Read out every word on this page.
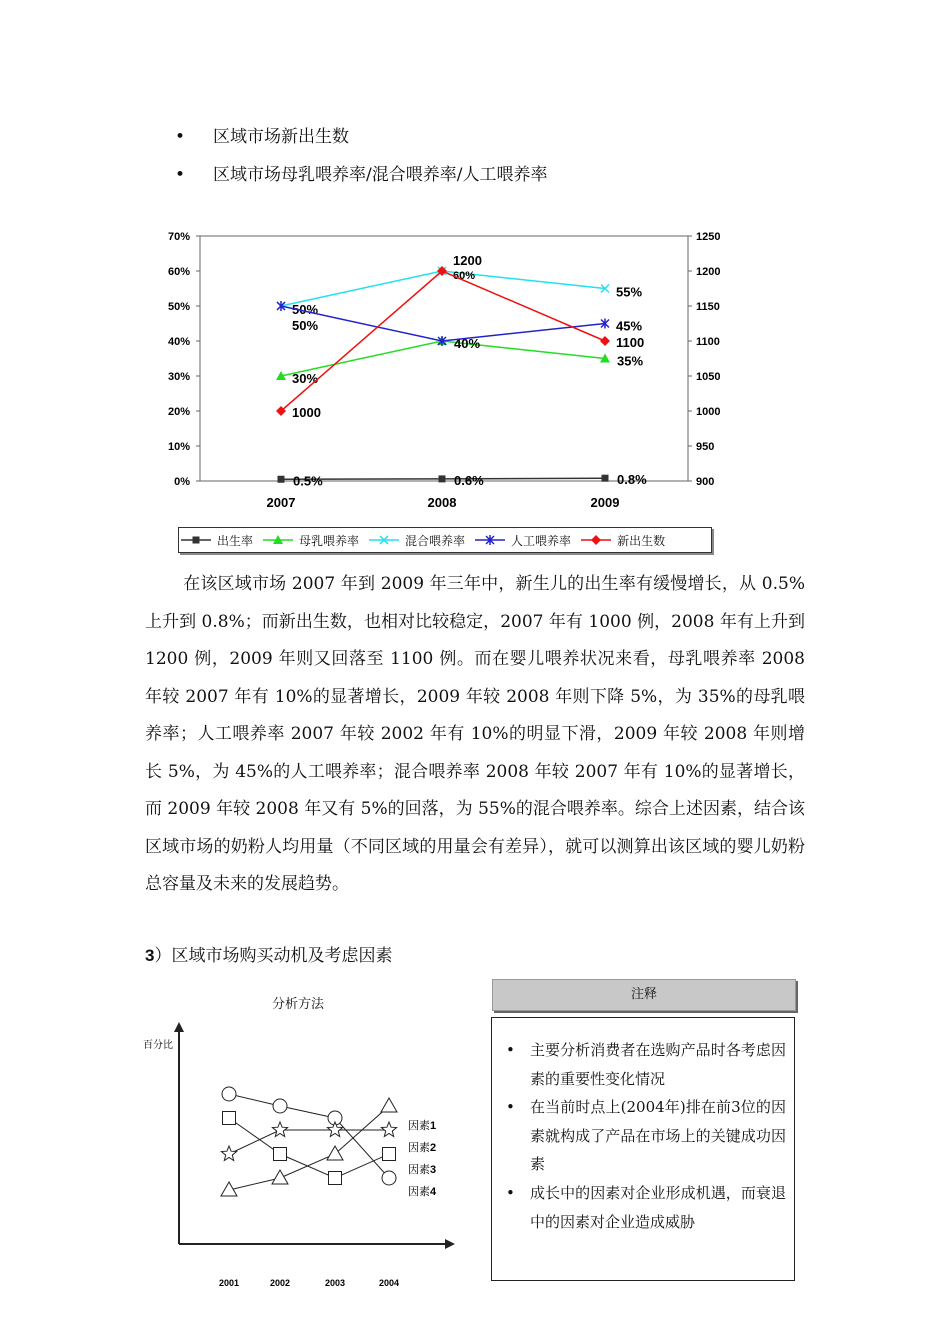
• 区域市场新出生数
• 区域市场母乳喂养率/混合喂养率/人工喂养率
0%
10%
20%
30%
40%
50%
60%
70%
900
950
1000
1050
1100
1150
1200
1250
2007	2008	2009
0.5%	0.6%	0.8%
30%
40%
35%
50%
60%
55%
50%	45%
1000
1200
1100
出生率	母乳喂养率	混合喂养率	人工喂养率	新出生数
在该区域市场 2007 年到 2009 年三年中，新生儿的出生率有缓慢增长，从 0.5%上升到 0.8%；而新出生数，也相对比较稳定，2007 年有 1000 例，2008 年有上升到 1200 例，2009 年则又回落至 1100 例。而在婴儿喂养状况来看，母乳喂养率 2008 年较 2007 年有 10%的显著增长，2009 年较 2008 年则下降 5%，为 35%的母乳喂养率；人工喂养率 2007 年较 2002 年有 10%的明显下滑，2009 年较 2008 年则增长 5%，为 45%的人工喂养率；混合喂养率 2008 年较 2007 年有 10%的显著增长，而 2009 年较 2008 年又有 5%的回落，为 55%的混合喂养率。综合上述因素，结合该区域市场的奶粉人均用量（不同区域的用量会有差异），就可以测算出该区域的婴儿奶粉总容量及未来的发展趋势。
3）区域市场购买动机及考虑因素
分析方法
百分比
2001	2002	2003	2004
因素1
因素2
因素3
因素4
注释
•	主要分析消费者在选购产品时各考虑因素的重要性变化情况
•	在当前时点上(2004年)排在前3位的因素就构成了产品在市场上的关键成功因素
•	成长中的因素对企业形成机遇，而衰退中的因素对企业造成威胁
